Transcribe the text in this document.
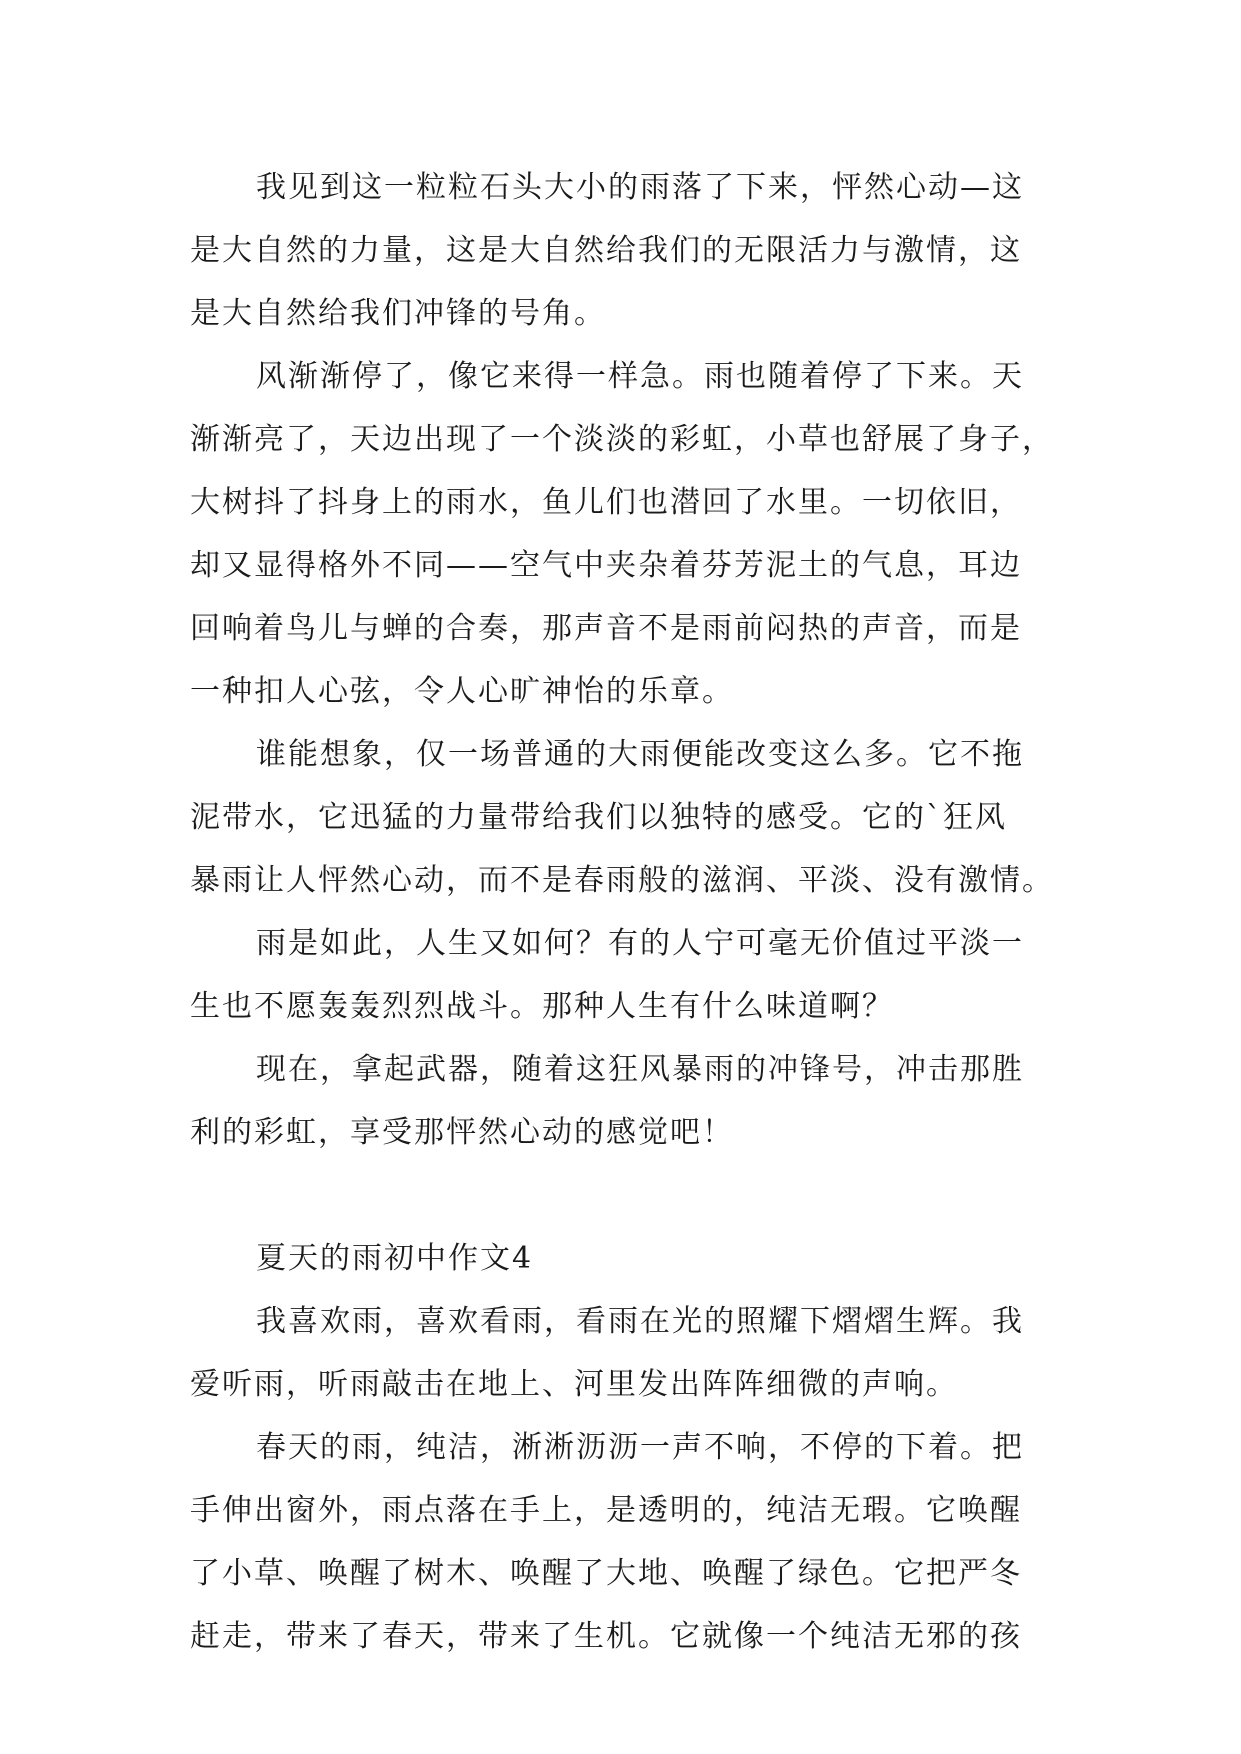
我见到这一粒粒石头大小的雨落了下来，怦然心动—这
是大自然的力量，这是大自然给我们的无限活力与激情，这
是大自然给我们冲锋的号角。
风渐渐停了，像它来得一样急。雨也随着停了下来。天
渐渐亮了，天边出现了一个淡淡的彩虹，小草也舒展了身子，
大树抖了抖身上的雨水，鱼儿们也潜回了水里。一切依旧，
却又显得格外不同——空气中夹杂着芬芳泥土的气息，耳边
回响着鸟儿与蝉的合奏，那声音不是雨前闷热的声音，而是
一种扣人心弦，令人心旷神怡的乐章。
谁能想象，仅一场普通的大雨便能改变这么多。它不拖
泥带水，它迅猛的力量带给我们以独特的感受。它的`狂风
暴雨让人怦然心动，而不是春雨般的滋润、平淡、没有激情。
雨是如此，人生又如何？有的人宁可毫无价值过平淡一
生也不愿轰轰烈烈战斗。那种人生有什么味道啊？
现在，拿起武器，随着这狂风暴雨的冲锋号，冲击那胜
利的彩虹，享受那怦然心动的感觉吧！
夏天的雨初中作文4
我喜欢雨，喜欢看雨，看雨在光的照耀下熠熠生辉。我
爱听雨，听雨敲击在地上、河里发出阵阵细微的声响。
春天的雨，纯洁，淅淅沥沥一声不响，不停的下着。把
手伸出窗外，雨点落在手上，是透明的，纯洁无瑕。它唤醒
了小草、唤醒了树木、唤醒了大地、唤醒了绿色。它把严冬
赶走，带来了春天，带来了生机。它就像一个纯洁无邪的孩
